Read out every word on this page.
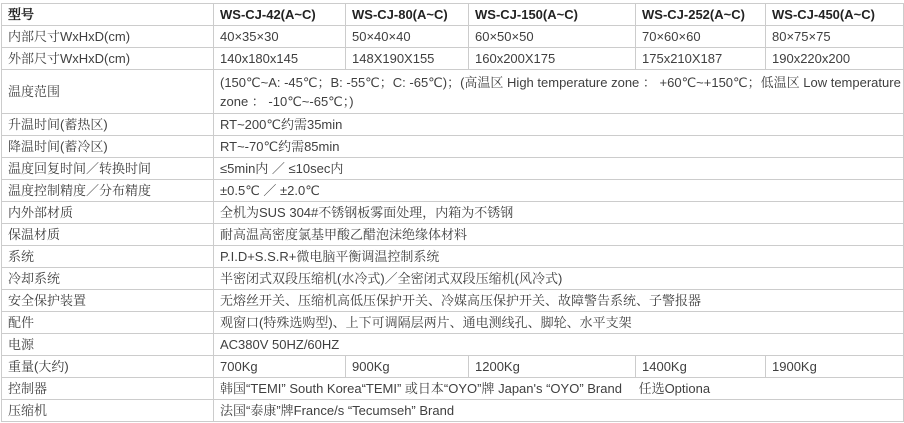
型号	WS-CJ-42(A~C)	WS-CJ-80(A~C)	WS-CJ-150(A~C)	WS-CJ-252(A~C)	WS-CJ-450(A~C)
内部尺寸WxHxD(cm)	40×35×30	50×40×40	60×50×50	70×60×60	80×75×75
外部尺寸WxHxD(cm)	140x180x145	148X190X155	160x200X175	175x210X187	190x220x200
温度范围	(150℃~A: -45℃；B: -55℃；C: -65℃)；(高温区 High temperature zone ： +60℃~+150℃；低温区 Low temperature
zone ： -10℃~-65℃；)				

升温时间(蓄热区)	RT~200℃约需35min				
降温时间(蓄冷区)	RT~-70℃约需85min				
温度回复时间／转换时间	≤5min内 ／ ≤10sec内				
温度控制精度／分布精度	±0.5℃ ／ ±2.0℃				
内外部材质	全机为SUS 304#不锈钢板雾面处理，内箱为不锈钢				
保温材质	耐高温高密度氯基甲酸乙醋泡沫绝缘体材料				
系统	P.I.D+S.S.R+微电脑平衡调温控制系统				
冷却系统	半密闭式双段压缩机(水冷式)／全密闭式双段压缩机(风冷式)				
安全保护装置	无熔丝开关、压缩机高低压保护开关、冷媒高压保护开关、故障警告系统、子警报器				
配件	观窗口(特殊选购型)、上下可调隔层两片、通电测线孔、脚轮、水平支架				
电源	AC380V 50HZ/60HZ				
重量(大约)	700Kg	900Kg	1200Kg	1400Kg	1900Kg
控制器	韩国“TEMI” South Korea“TEMI” 或日本“OYO”牌 Japan's “OYO” Brand　 任选Optiona				
压缩机	法国“泰康”牌France/s “Tecumseh” Brand				
